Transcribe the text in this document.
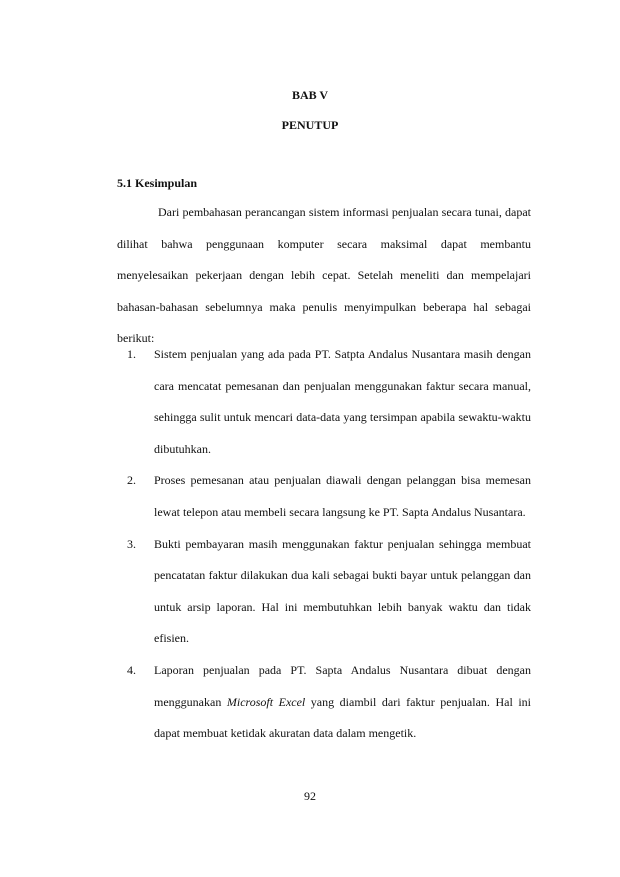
BAB V
PENUTUP
5.1 Kesimpulan

Dari pembahasan perancangan sistem informasi penjualan secara tunai, dapat dilihat bahwa penggunaan komputer secara maksimal dapat membantu menyelesaikan pekerjaan dengan lebih cepat. Setelah meneliti dan mempelajari bahasan-bahasan sebelumnya maka penulis menyimpulkan beberapa hal sebagai berikut:

1. Sistem penjualan yang ada pada PT. Satpta Andalus Nusantara masih dengan cara mencatat pemesanan dan penjualan menggunakan faktur secara manual, sehingga sulit untuk mencari data-data yang tersimpan apabila sewaktu-waktu dibutuhkan.
2. Proses pemesanan atau penjualan diawali dengan pelanggan bisa memesan lewat telepon atau membeli secara langsung ke PT. Sapta Andalus Nusantara.
3. Bukti pembayaran masih menggunakan faktur penjualan sehingga membuat pencatatan faktur dilakukan dua kali sebagai bukti bayar untuk pelanggan dan untuk arsip laporan. Hal ini membutuhkan lebih banyak waktu dan tidak efisien.
4. Laporan penjualan pada PT. Sapta Andalus Nusantara dibuat dengan menggunakan Microsoft Excel yang diambil dari faktur penjualan. Hal ini dapat membuat ketidak akuratan data dalam mengetik.
92
